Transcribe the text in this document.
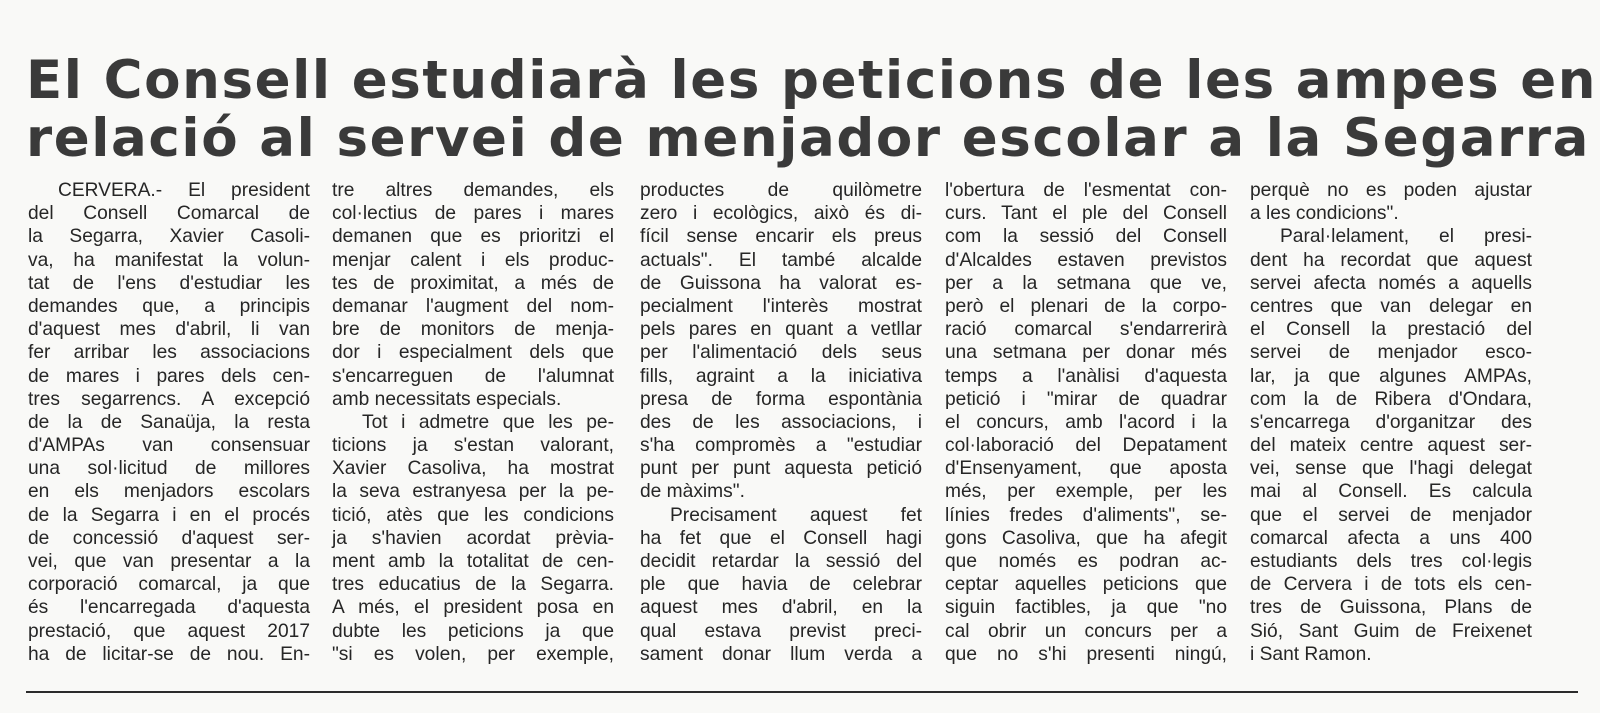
El Consell estudiarà les peticions de les ampes en
relació al servei de menjador escolar a la Segarra
CERVERA.- El president
del Consell Comarcal de
la Segarra, Xavier Casoli-
va, ha manifestat la volun-
tat de l'ens d'estudiar les
demandes que, a principis
d'aquest mes d'abril, li van
fer arribar les associacions
de mares i pares dels cen-
tres segarrencs. A excepció
de la de Sanaüja, la resta
d'AMPAs van consensuar
una sol·licitud de millores
en els menjadors escolars
de la Segarra i en el procés
de concessió d'aquest ser-
vei, que van presentar a la
corporació comarcal, ja que
és l'encarregada d'aquesta
prestació, que aquest 2017
ha de licitar-se de nou. En-
tre altres demandes, els
col·lectius de pares i mares
demanen que es prioritzi el
menjar calent i els produc-
tes de proximitat, a més de
demanar l'augment del nom-
bre de monitors de menja-
dor i especialment dels que
s'encarreguen de l'alumnat
amb necessitats especials.
Tot i admetre que les pe-
ticions ja s'estan valorant,
Xavier Casoliva, ha mostrat
la seva estranyesa per la pe-
tició, atès que les condicions
ja s'havien acordat prèvia-
ment amb la totalitat de cen-
tres educatius de la Segarra.
A més, el president posa en
dubte les peticions ja que
"si es volen, per exemple,
productes de quilòmetre
zero i ecològics, això és di-
fícil sense encarir els preus
actuals". El també alcalde
de Guissona ha valorat es-
pecialment l'interès mostrat
pels pares en quant a vetllar
per l'alimentació dels seus
fills, agraint a la iniciativa
presa de forma espontània
des de les associacions, i
s'ha compromès a "estudiar
punt per punt aquesta petició
de màxims".
Precisament aquest fet
ha fet que el Consell hagi
decidit retardar la sessió del
ple que havia de celebrar
aquest mes d'abril, en la
qual estava previst preci-
sament donar llum verda a
l'obertura de l'esmentat con-
curs. Tant el ple del Consell
com la sessió del Consell
d'Alcaldes estaven previstos
per a la setmana que ve,
però el plenari de la corpo-
ració comarcal s'endarrerirà
una setmana per donar més
temps a l'anàlisi d'aquesta
petició i "mirar de quadrar
el concurs, amb l'acord i la
col·laboració del Depatament
d'Ensenyament, que aposta
més, per exemple, per les
línies fredes d'aliments", se-
gons Casoliva, que ha afegit
que només es podran ac-
ceptar aquelles peticions que
siguin factibles, ja que "no
cal obrir un concurs per a
que no s'hi presenti ningú,
perquè no es poden ajustar
a les condicions".
Paral·lelament, el presi-
dent ha recordat que aquest
servei afecta només a aquells
centres que van delegar en
el Consell la prestació del
servei de menjador esco-
lar, ja que algunes AMPAs,
com la de Ribera d'Ondara,
s'encarrega d'organitzar des
del mateix centre aquest ser-
vei, sense que l'hagi delegat
mai al Consell. Es calcula
que el servei de menjador
comarcal afecta a uns 400
estudiants dels tres col·legis
de Cervera i de tots els cen-
tres de Guissona, Plans de
Sió, Sant Guim de Freixenet
i Sant Ramon.
